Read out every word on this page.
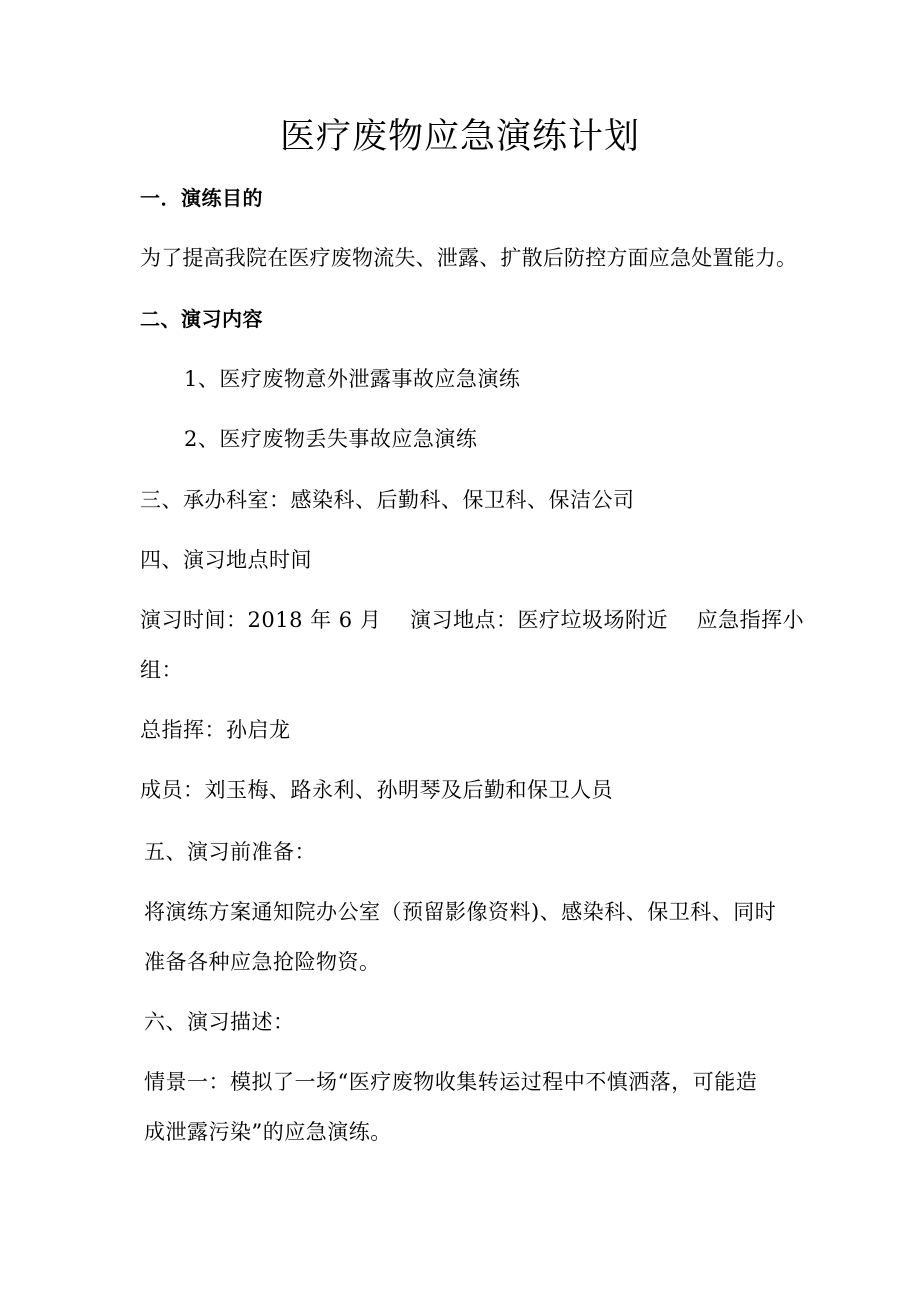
医疗废物应急演练计划
一．演练目的
为了提高我院在医疗废物流失、泄露、扩散后防控方面应急处置能力。
二、演习内容
1、医疗废物意外泄露事故应急演练
2、医疗废物丢失事故应急演练
三、承办科室：感染科、后勤科、保卫科、保洁公司
四、演习地点时间
演习时间：2018 年 6 月　 演习地点：医疗垃圾场附近　 应急指挥小
组：
总指挥：孙启龙
成员：刘玉梅、路永利、孙明琴及后勤和保卫人员
五、演习前准备：
将演练方案通知院办公室（预留影像资料)、感染科、保卫科、同时
准备各种应急抢险物资。
六、演习描述：
情景一：模拟了一场“医疗废物收集转运过程中不慎洒落，可能造
成泄露污染”的应急演练。
